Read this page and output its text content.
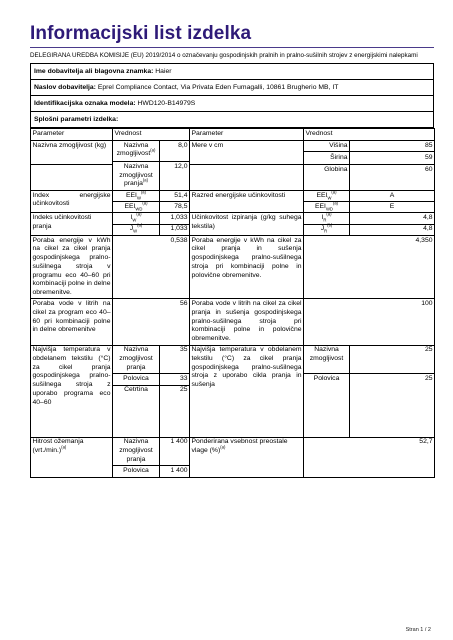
Informacijski list izdelka
DELEGIRANA UREDBA KOMISIJE (EU) 2019/2014 o označevanju gospodinjskih pralnih in pralno-sušilnih strojev z energijskimi nalepkami
Ime dobavitelja ali blagovna znamka: Haier
Naslov dobavitelja: Eprel Compliance Contact, Via Privata Eden Fumagalli, 10861 Brugherio MB, IT
Identifikacijska oznaka modela: HWD120-B14979S
Splošni parametri izdelka:
Parameter	Vrednost		Parameter	Vrednost	
Nazivna zmogljivost (kg)	Nazivna zmogljivost$^{(a)}$	8,0	Mere v cm	Višina	85
				Širina	59
	Nazivna zmogljivost pranja$^{(a)}$	12,0			
				Globina	60
Index energijske učinkovitosti	$EEI_W^{(a)}$	51,4	Razred energijske učinkovitosti	$EEI_W^{(a)}$	A
	$EEI_{WD}^{(a)}$	78,5		$EEI_{WD}^{(a)}$	E
Indeks učinkovitosti pranja	$I_W^{(a)}$	1,033	Učinkovitost izpiranja (g/kg suhega tekstila)	$I_R^{(a)}$	4,8
	$J_W^{(a)}$	1,033		$J_R^{(b)}$	4,8
Poraba energije v kWh na cikel za cikel pranja gospodinjskega pralno-sušilnega stroja v programu eco 40–60 pri kombinaciji polne in delne obremenitve.	0,538		Poraba energije v kWh na cikel za cikel pranja in sušenja gospodinjskega pralno-sušilnega stroja pri kombinaciji polne in polovične obremenitve.	4,350	
Poraba vode v litrih na cikel za program eco 40–60 pri kombinaciji polne in delne obremenitve	56		Poraba vode v litrih na cikel za cikel pranja in sušenja gospodinjskega pralno-sušilnega stroja pri kombinaciji polne in polovične obremenitve.	100	
Najvišja temperatura v obdelanem tekstilu (°C) za cikel pranja gospodinjskega pralno-sušilnega stroja z uporabo programa eco 40–60	Nazivna zmogljivost pranja	35	Najvišja temperatura v obdelanem tekstilu (°C) za cikel pranja gospodinjskega pralno-sušilnega stroja z uporabo cikla pranja in sušenja	Nazivna zmogljivost	25
	Polovica	33		Polovica	25
	Četrtina	25			
Hitrost ožemanja $(vrt./\min.)^{(a)}$	Nazivna zmogljivost pranja	1 400	Ponderirana vsebnost preostale vlage (%)$^{(a)}$	52,7	
	Polovica	1 400			
Stran 1 / 2
